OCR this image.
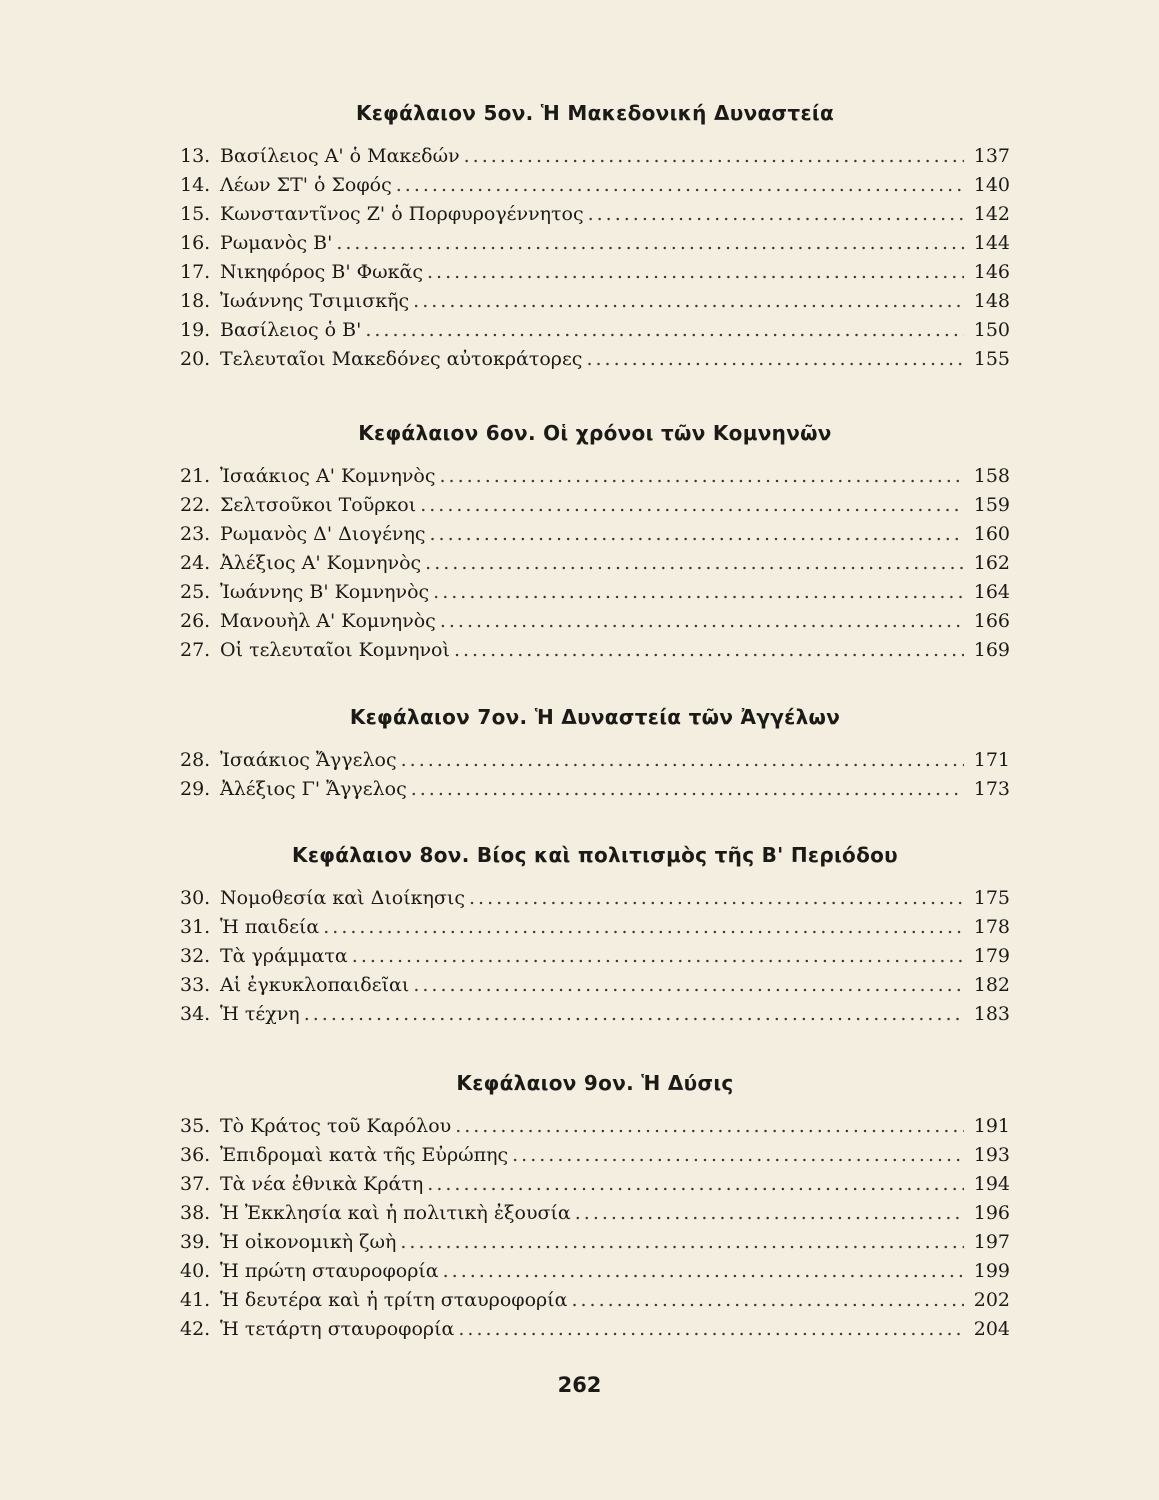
Κεφάλαιον 5ον. Ἡ Μακεδονική Δυναστεία
13. Βασίλειος Α' ὁ Μακεδών .....	137
14. Λέων ΣΤ' ὁ Σοφός .....	140
15. Κωνσταντῖνος Ζ' ὁ Πορφυρογέννητος .....	142
16. Ρωμανὸς Β' .....	144
17. Νικηφόρος Β' Φωκᾶς .....	146
18. Ἰωάννης Τσιμισκῆς .....	148
19. Βασίλειος ὁ Β' .....	150
20. Τελευταῖοι Μακεδόνες αὐτοκράτορες .....	155
Κεφάλαιον 6ον. Οἱ χρόνοι τῶν Κομνηνῶν
21. Ἰσαάκιος Α' Κομνηνὸς .....	158
22. Σελτσοῦκοι Τοῦρκοι .....	159
23. Ρωμανὸς Δ' Διογένης .....	160
24. Ἀλέξιος Α' Κομνηνὸς .....	162
25. Ἰωάννης Β' Κομνηνὸς .....	164
26. Μανουὴλ Α' Κομνηνὸς .....	166
27. Οἱ τελευταῖοι Κομνηνοὶ .....	169
Κεφάλαιον 7ον. Ἡ Δυναστεία τῶν Ἀγγέλων
28. Ἰσαάκιος Ἄγγελος .....	171
29. Ἀλέξιος Γ' Ἄγγελος .....	173
Κεφάλαιον 8ον. Βίος καὶ πολιτισμὸς τῆς Β' Περιόδου
30. Νομοθεσία καὶ Διοίκησις .....	175
31. Ἡ παιδεία .....	178
32. Τὰ γράμματα .....	179
33. Αἱ ἐγκυκλοπαιδεῖαι .....	182
34. Ἡ τέχνη .....	183
Κεφάλαιον 9ον. Ἡ Δύσις
35. Τὸ Κράτος τοῦ Καρόλου .....	191
36. Ἐπιδρομαὶ κατὰ τῆς Εὐρώπης .....	193
37. Τὰ νέα ἐθνικὰ Κράτη .....	194
38. Ἡ Ἐκκλησία καὶ ἡ πολιτικὴ ἐξουσία .....	196
39. Ἡ οἰκονομικὴ ζωὴ .....	197
40. Ἡ πρώτη σταυροφορία .....	199
41. Ἡ δευτέρα καὶ ἡ τρίτη σταυροφορία .....	202
42. Ἡ τετάρτη σταυροφορία .....	204
262
